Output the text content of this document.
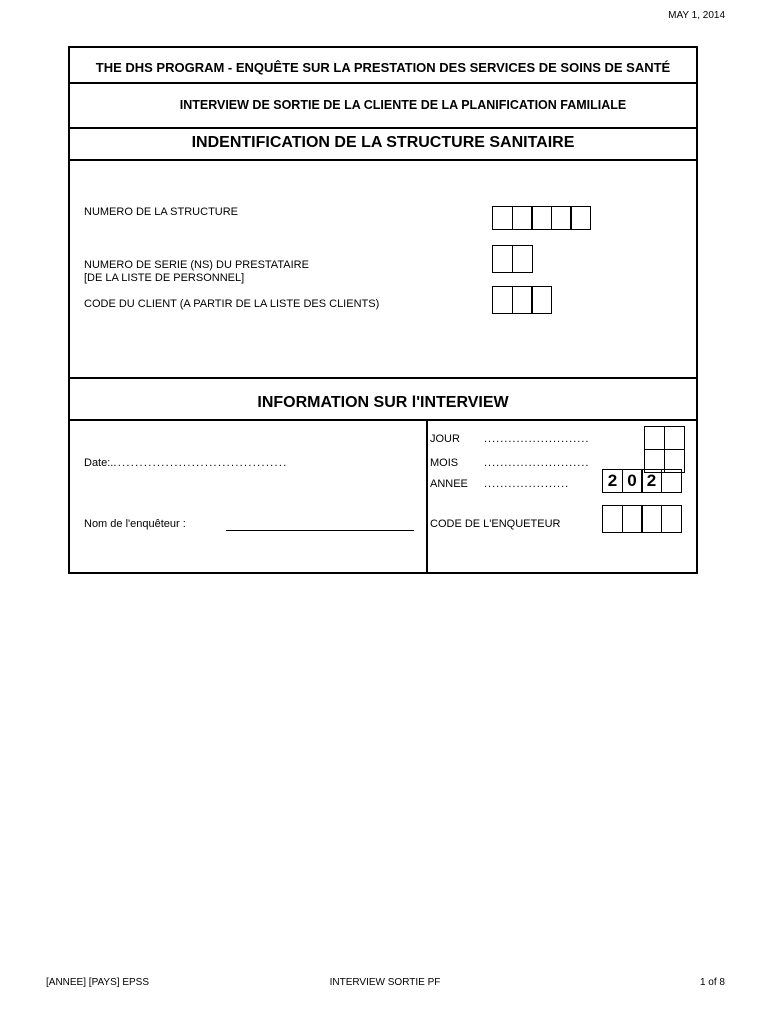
MAY 1, 2014
THE DHS PROGRAM - ENQUÊTE SUR LA PRESTATION DES SERVICES DE SOINS DE SANTÉ
INTERVIEW DE SORTIE DE LA CLIENTE DE LA PLANIFICATION FAMILIALE
INDENTIFICATION DE LA STRUCTURE SANITAIRE
NUMERO DE LA STRUCTURE
NUMERO DE SERIE (NS) DU PRESTATAIRE
[DE LA LISTE DE PERSONNEL]
CODE DU CLIENT (A PARTIR DE LA LISTE DES CLIENTS)
INFORMATION SUR l'INTERVIEW
Date:.........................................
JOUR ..........................
MOIS ..........................
ANNEE .....................	2 0 2
Nom de l'enquêteur :	CODE DE L'ENQUETEUR
[ANNEE] [PAYS] EPSS	INTERVIEW SORTIE PF	1 of 8
